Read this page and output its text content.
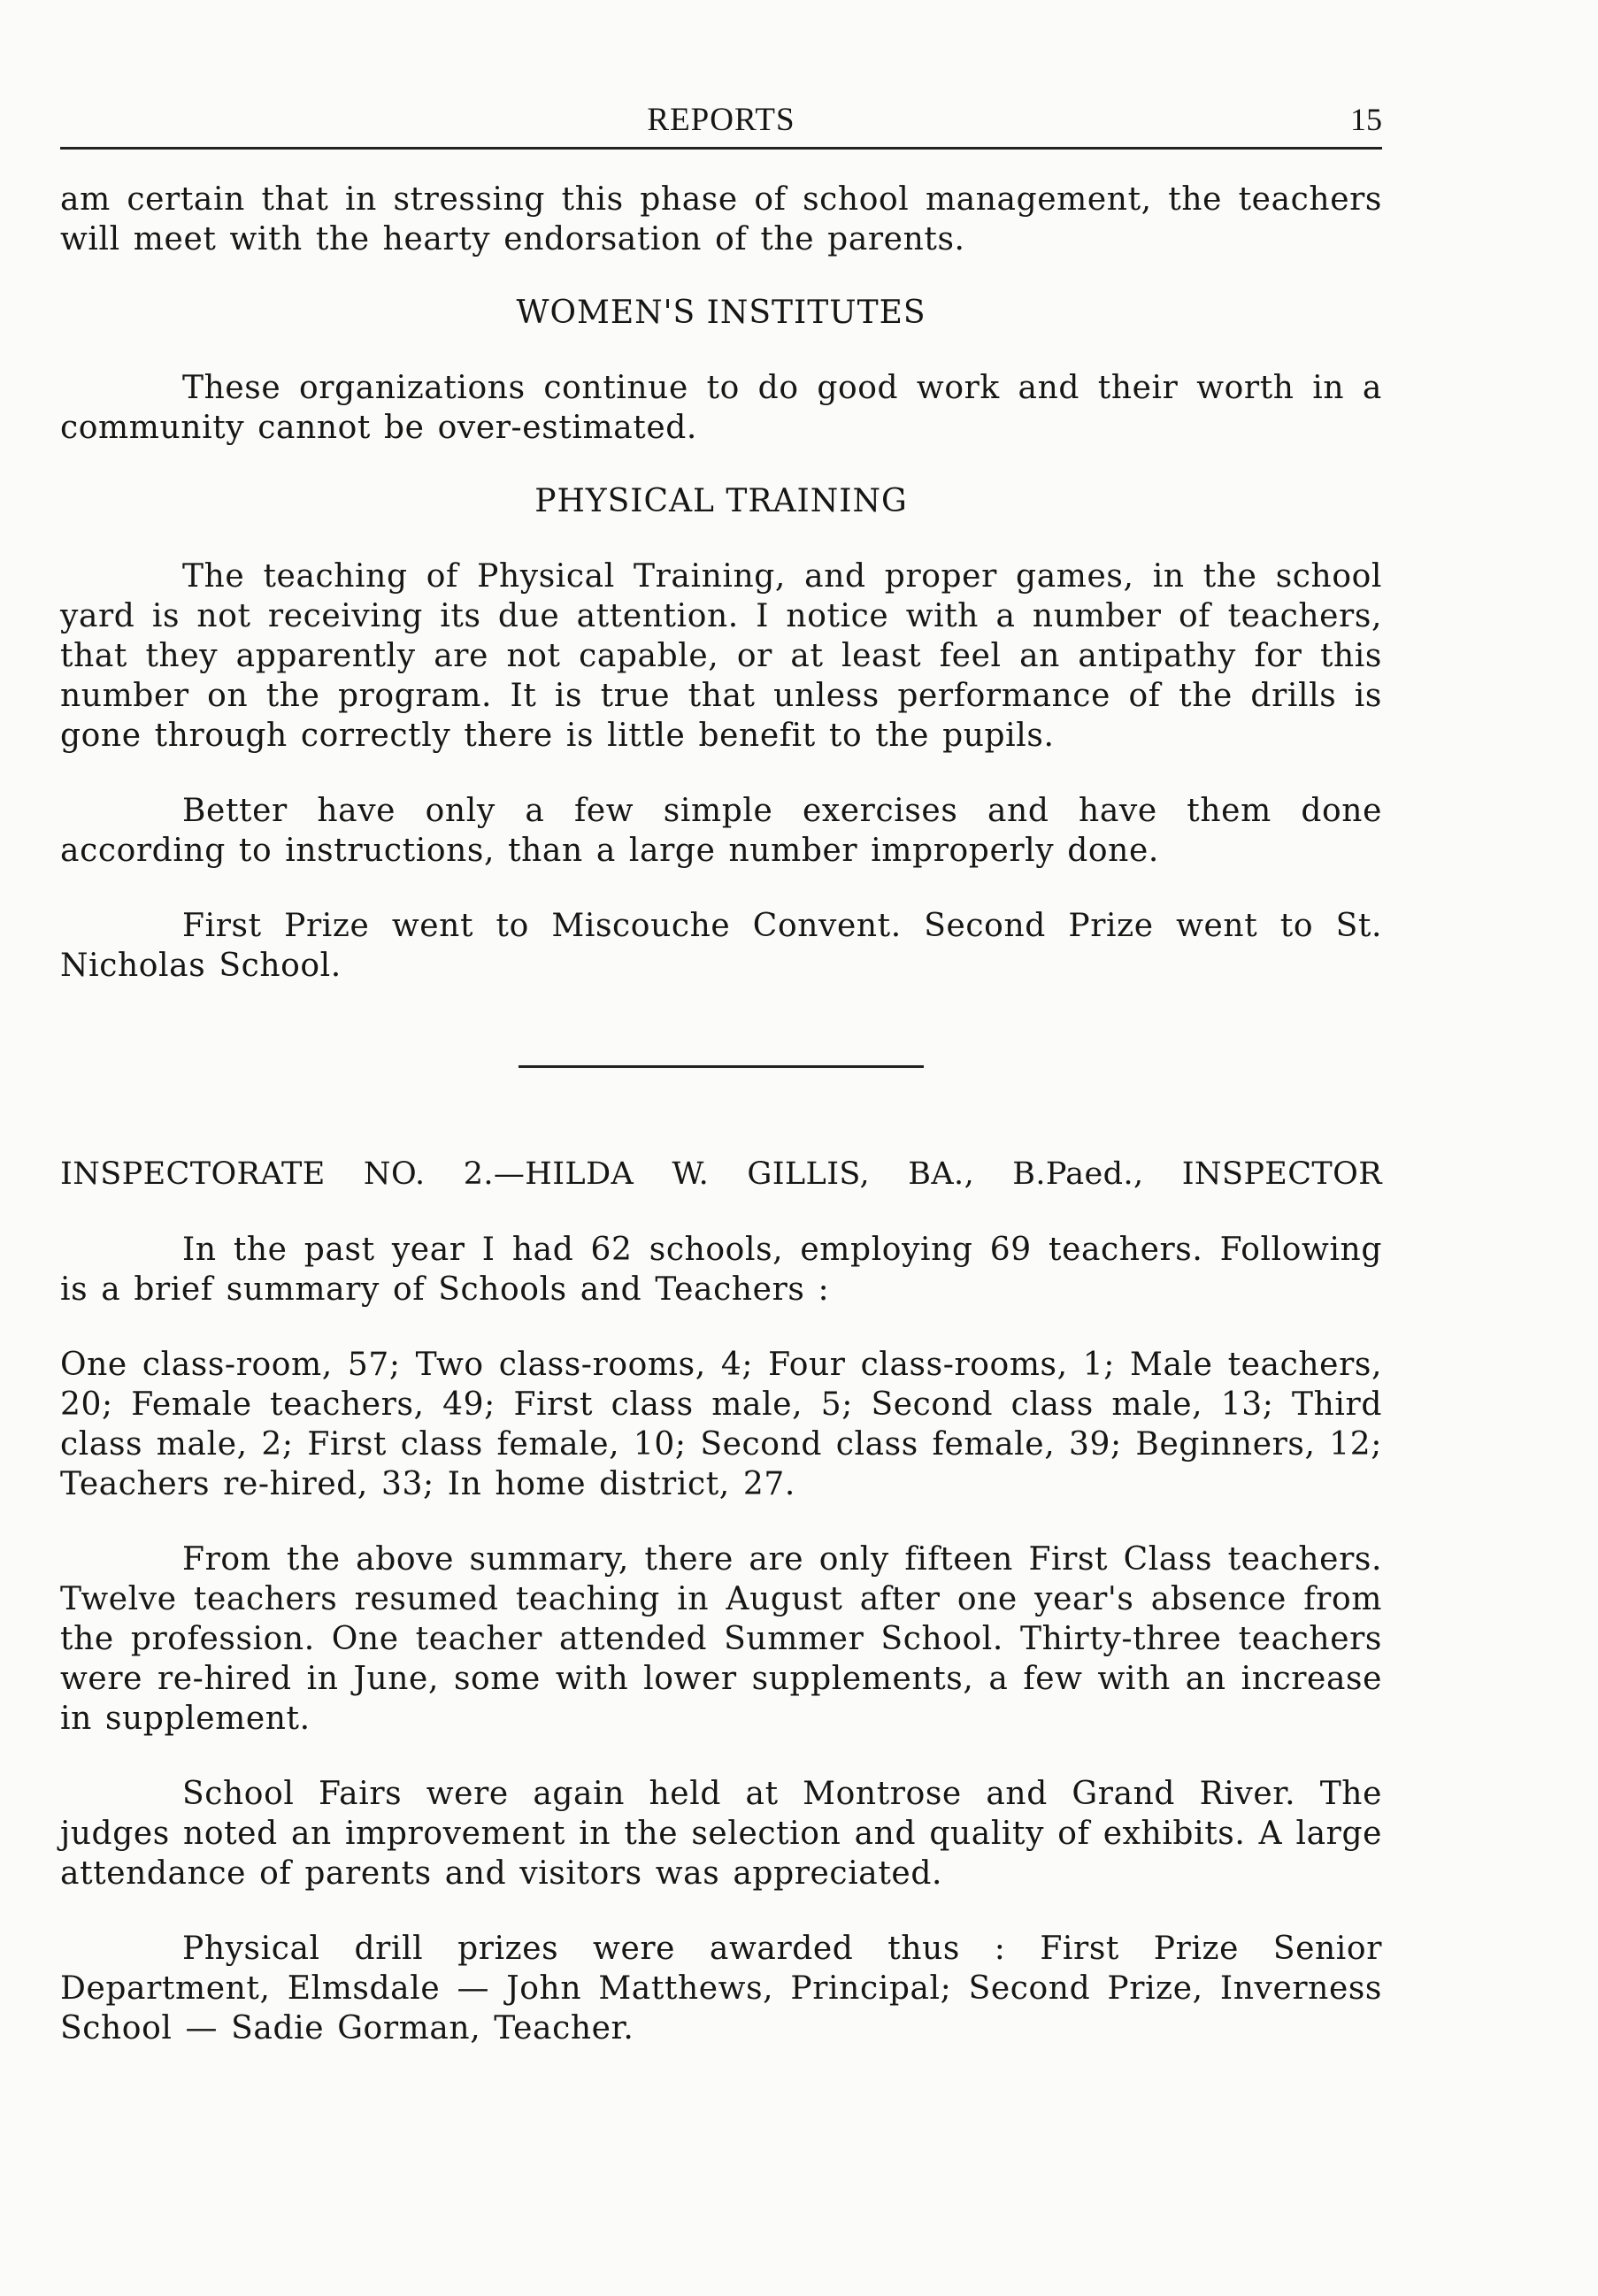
REPORTS	15

am certain that in stressing this phase of school management, the teachers will meet with the hearty endorsation of the parents.

WOMEN'S INSTITUTES

These organizations continue to do good work and their worth in a community cannot be over-estimated.

PHYSICAL TRAINING

The teaching of Physical Training, and proper games, in the school yard is not receiving its due attention. I notice with a number of teachers, that they apparently are not capable, or at least feel an antipathy for this number on the program. It is true that unless performance of the drills is gone through correctly there is little benefit to the pupils.

Better have only a few simple exercises and have them done according to instructions, than a large number improperly done.

First Prize went to Miscouche Convent. Second Prize went to St. Nicholas School.

INSPECTORATE NO. 2.—HILDA W. GILLIS, BA., B.Paed., INSPECTOR

In the past year I had 62 schools, employing 69 teachers. Following is a brief summary of Schools and Teachers :

One class-room, 57; Two class-rooms, 4; Four class-rooms, 1; Male teachers, 20; Female teachers, 49; First class male, 5; Second class male, 13; Third class male, 2; First class female, 10; Second class female, 39; Beginners, 12; Teachers re-hired, 33; In home district, 27.

From the above summary, there are only fifteen First Class teachers. Twelve teachers resumed teaching in August after one year's absence from the profession. One teacher attended Summer School. Thirty-three teachers were re-hired in June, some with lower supplements, a few with an increase in supplement.

School Fairs were again held at Montrose and Grand River. The judges noted an improvement in the selection and quality of exhibits. A large attendance of parents and visitors was appreciated.

Physical drill prizes were awarded thus : First Prize Senior Department, Elmsdale — John Matthews, Principal; Second Prize, Inverness School — Sadie Gorman, Teacher.
